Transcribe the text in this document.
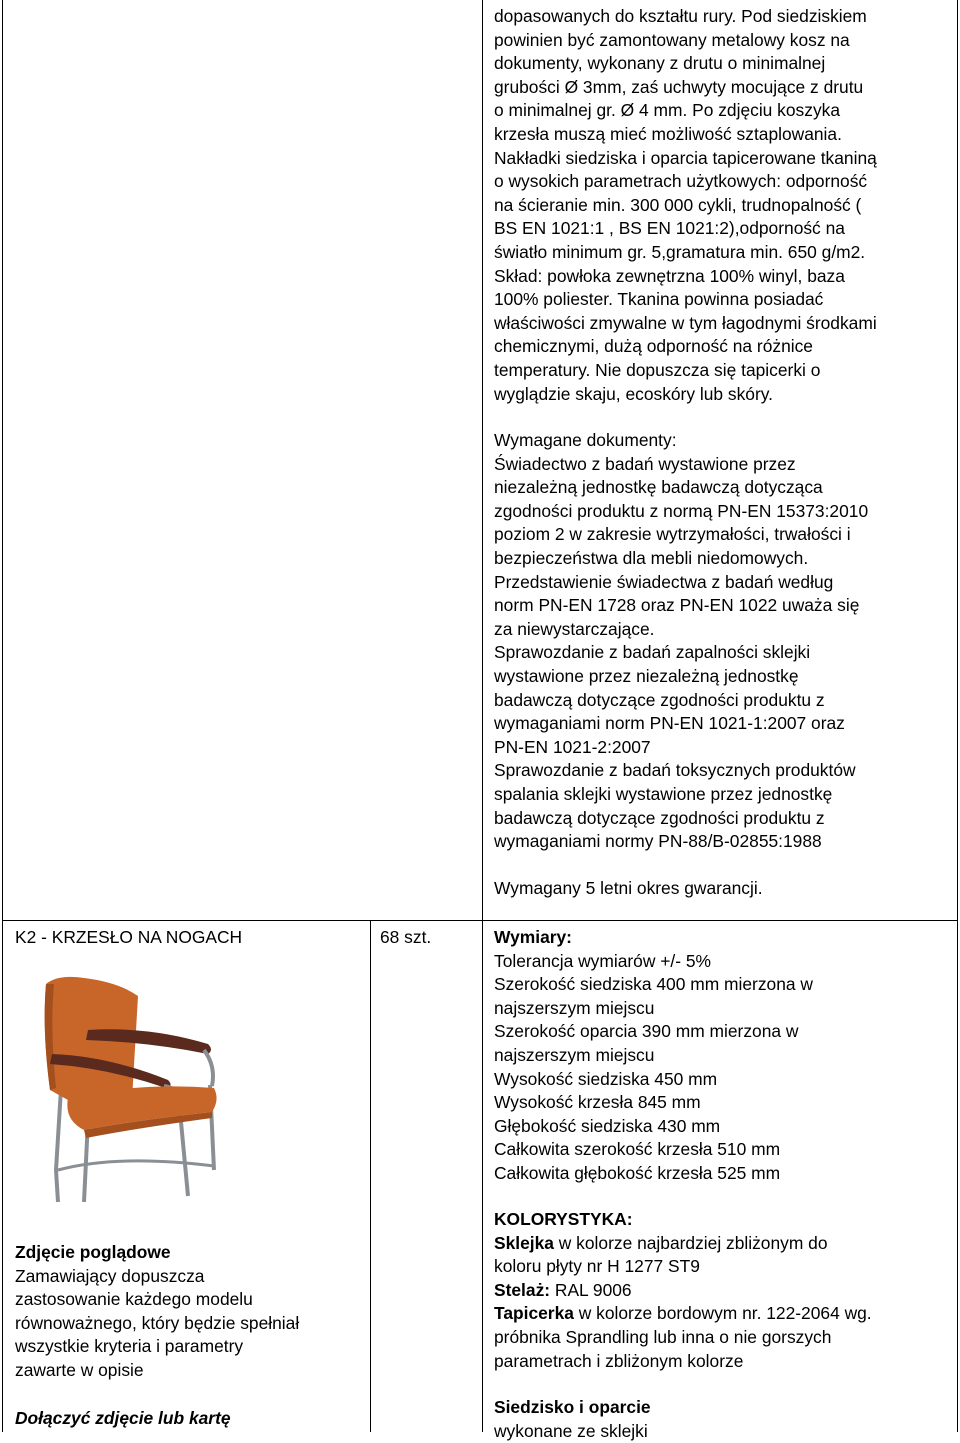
dopasowanych do kształtu rury. Pod siedziskiem
powinien być zamontowany metalowy kosz na
dokumenty, wykonany z drutu o minimalnej
grubości Ø 3mm, zaś uchwyty mocujące z drutu
o minimalnej gr. Ø 4 mm. Po zdjęciu koszyka
krzesła muszą mieć możliwość sztaplowania.
Nakładki siedziska i oparcia tapicerowane tkaniną
o wysokich parametrach użytkowych: odporność
na ścieranie min. 300 000 cykli, trudnopalność (
BS EN 1021:1 , BS EN 1021:2),odporność na
światło minimum gr. 5,gramatura min. 650 g/m2.
Skład: powłoka zewnętrzna 100% winyl, baza
100% poliester. Tkanina powinna posiadać
właściwości zmywalne w tym łagodnymi środkami
chemicznymi, dużą odporność na różnice
temperatury. Nie dopuszcza się tapicerki o
wyglądzie skaju, ecoskóry lub skóry.

Wymagane dokumenty:
Świadectwo z badań wystawione przez
niezależną jednostkę badawczą dotycząca
zgodności produktu z normą PN-EN 15373:2010
poziom 2 w zakresie wytrzymałości, trwałości i
bezpieczeństwa dla mebli niedomowych.
Przedstawienie świadectwa z badań według
norm PN-EN 1728 oraz PN-EN 1022 uważa się
za niewystarczające.
Sprawozdanie z badań zapalności sklejki
wystawione przez niezależną jednostkę
badawczą dotyczące zgodności produktu z
wymaganiami norm PN-EN 1021-1:2007 oraz
PN-EN 1021-2:2007
Sprawozdanie z badań toksycznych produktów
spalania sklejki wystawione przez jednostkę
badawczą dotyczące zgodności produktu z
wymaganiami normy PN-88/B-02855:1988

Wymagany 5 letni okres gwarancji.

K2 - KRZESŁO NA NOGACH	68 szt.

Zdjęcie poglądowe
Zamawiający dopuszcza
zastosowanie każdego modelu
równoważnego, który będzie spełniał
wszystkie kryteria i parametry
zawarte w opisie

Dołączyć zdjęcie lub kartę

Wymiary:
Tolerancja wymiarów +/- 5%
Szerokość siedziska 400 mm mierzona w
najszerszym miejscu
Szerokość oparcia 390 mm mierzona w
najszerszym miejscu
Wysokość siedziska 450 mm
Wysokość krzesła 845 mm
Głębokość siedziska 430 mm
Całkowita szerokość krzesła 510 mm
Całkowita głębokość krzesła 525 mm

KOLORYSTYKA:
Sklejka w kolorze najbardziej zbliżonym do
koloru płyty nr H 1277 ST9
Stelaż: RAL 9006
Tapicerka w kolorze bordowym nr. 122-2064 wg.
próbnika Sprandling lub inna o nie gorszych
parametrach i zbliżonym kolorze

Siedzisko i oparcie
wykonane ze sklejki
